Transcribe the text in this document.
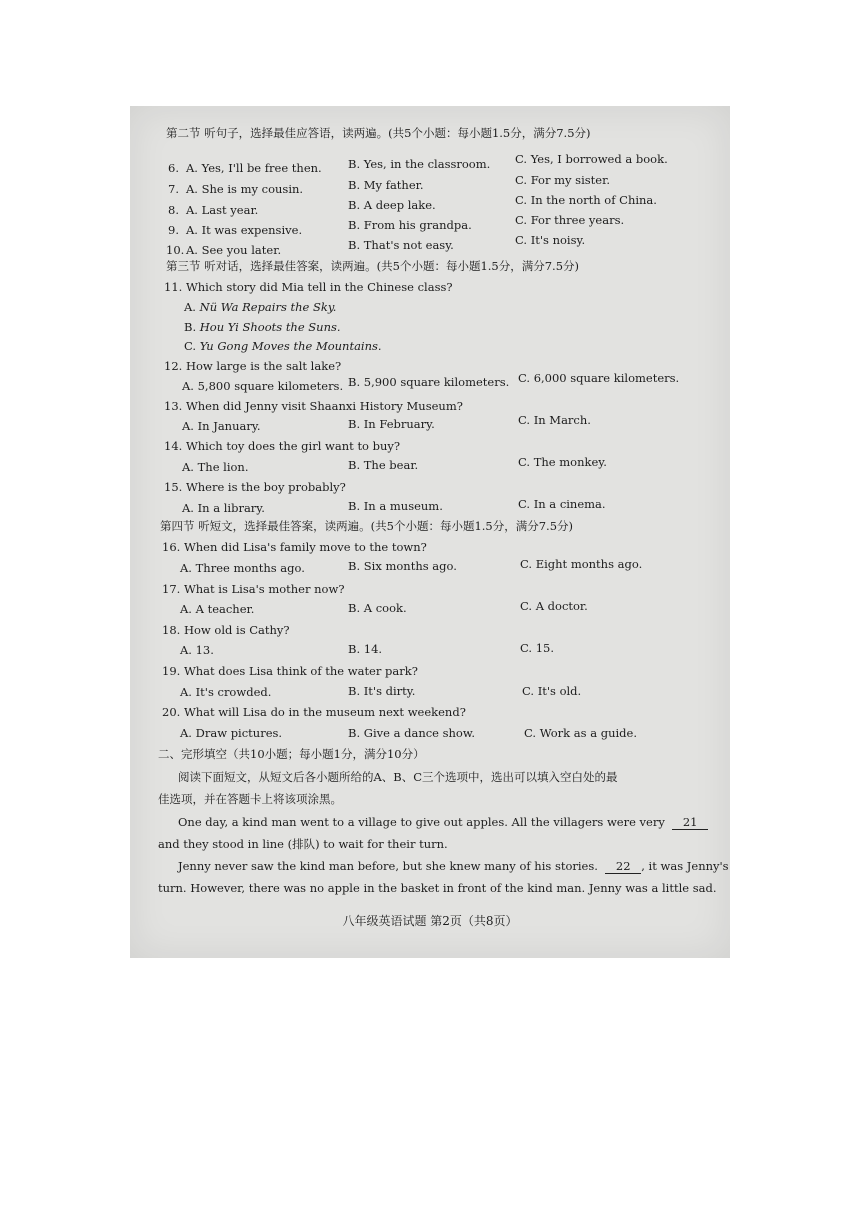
第二节 听句子，选择最佳应答语，读两遍。(共5个小题：每小题1.5分，满分7.5分)
6. A. Yes, I'll be free then. B. Yes, in the classroom. C. Yes, I borrowed a book.
7. A. She is my cousin.	B. My father.	C. For my sister.
8. A. Last year.	B. A deep lake.	C. In the north of China.
9. A. It was expensive.	B. From his grandpa.	C. For three years.
10. A. See you later.	B. That's not easy.	C. It's noisy.
第三节 听对话，选择最佳答案，读两遍。(共5个小题：每小题1.5分，满分7.5分)
11. Which story did Mia tell in the Chinese class?
A. Nü Wa Repairs the Sky.
B. Hou Yi Shoots the Suns.
C. Yu Gong Moves the Mountains.
12. How large is the salt lake?
A. 5,800 square kilometers. B. 5,900 square kilometers. C. 6,000 square kilometers.
13. When did Jenny visit Shaanxi History Museum?
A. In January.	B. In February.	C. In March.
14. Which toy does the girl want to buy?
A. The lion.	B. The bear.	C. The monkey.
15. Where is the boy probably?
A. In a library.	B. In a museum.	C. In a cinema.
第四节 听短文，选择最佳答案，读两遍。(共5个小题：每小题1.5分，满分7.5分)
16. When did Lisa's family move to the town?
A. Three months ago.	B. Six months ago.	C. Eight months ago.
17. What is Lisa's mother now?
A. A teacher.	B. A cook.	C. A doctor.
18. How old is Cathy?
A. 13.	B. 14.	C. 15.
19. What does Lisa think of the water park?
A. It's crowded.	B. It's dirty.	C. It's old.
20. What will Lisa do in the museum next weekend?
A. Draw pictures.	B. Give a dance show.	C. Work as a guide.
二、完形填空（共10小题；每小题1分，满分10分）
阅读下面短文，从短文后各小题所给的A、B、C三个选项中，选出可以填入空白处的最
佳选项，并在答题卡上将该项涂黑。
One day, a kind man went to a village to give out apples. All the villagers were very 21
and they stood in line (排队) to wait for their turn.
Jenny never saw the kind man before, but she knew many of his stories. 22 , it was Jenny's
turn. However, there was no apple in the basket in front of the kind man. Jenny was a little sad.
八年级英语试题 第2页（共8页）
